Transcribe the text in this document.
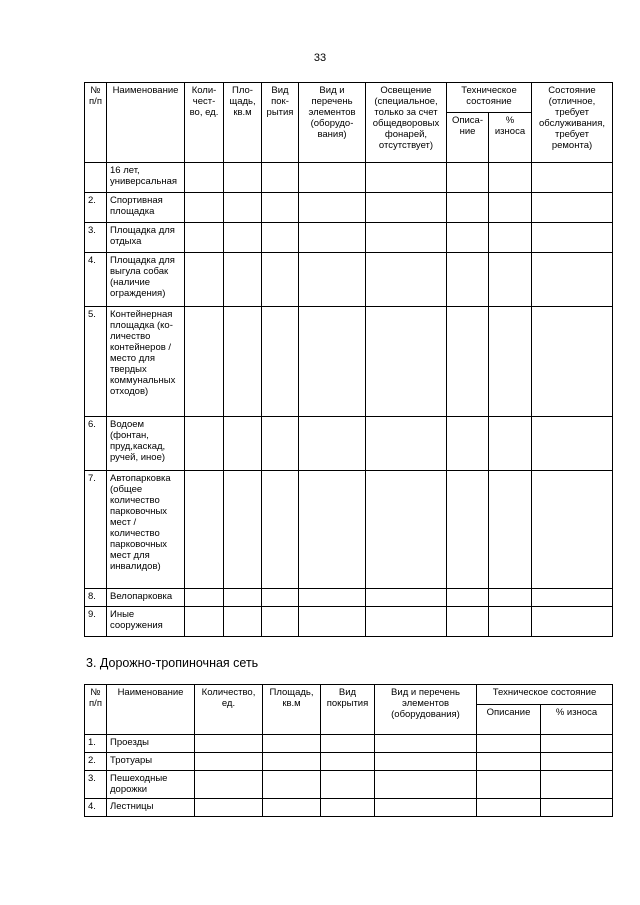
33
№ п/п	Наименование	Коли-чест-во, ед.	Пло-щадь, кв.м	Вид пок-рытия	Вид и перечень элементов (оборудо-вания)	Освещение (специальное, только за счет общедворовых фонарей, отсутствует)	Техническое состояние		Состояние (отличное, требует обслуживания, требует ремонта)
							Описа-ние	% износа	
	16 лет, универсальная								
2.	Спортивная площадка								
3.	Площадка для отдыха								
4.	Площадка для выгула собак (наличие ограждения)								
5.	Контейнерная площадка (ко-личество контейнеров / место для твердых коммунальных отходов)								
6.	Водоем (фонтан, пруд,каскад, ручей, иное)								
7.	Автопарковка (общее количество парковочных мест / количество парковочных мест для инвалидов)								
8.	Велопарковка								
9.	Иные сооружения								
3. Дорожно-тропиночная сеть
№ п/п	Наименование	Количество, ед.	Площадь, кв.м	Вид покрытия	Вид и перечень элементов (оборудования)	Техническое состояние	
						Описание	% износа
1.	Проезды						
2.	Тротуары						
3.	Пешеходные дорожки						
4.	Лестницы						
